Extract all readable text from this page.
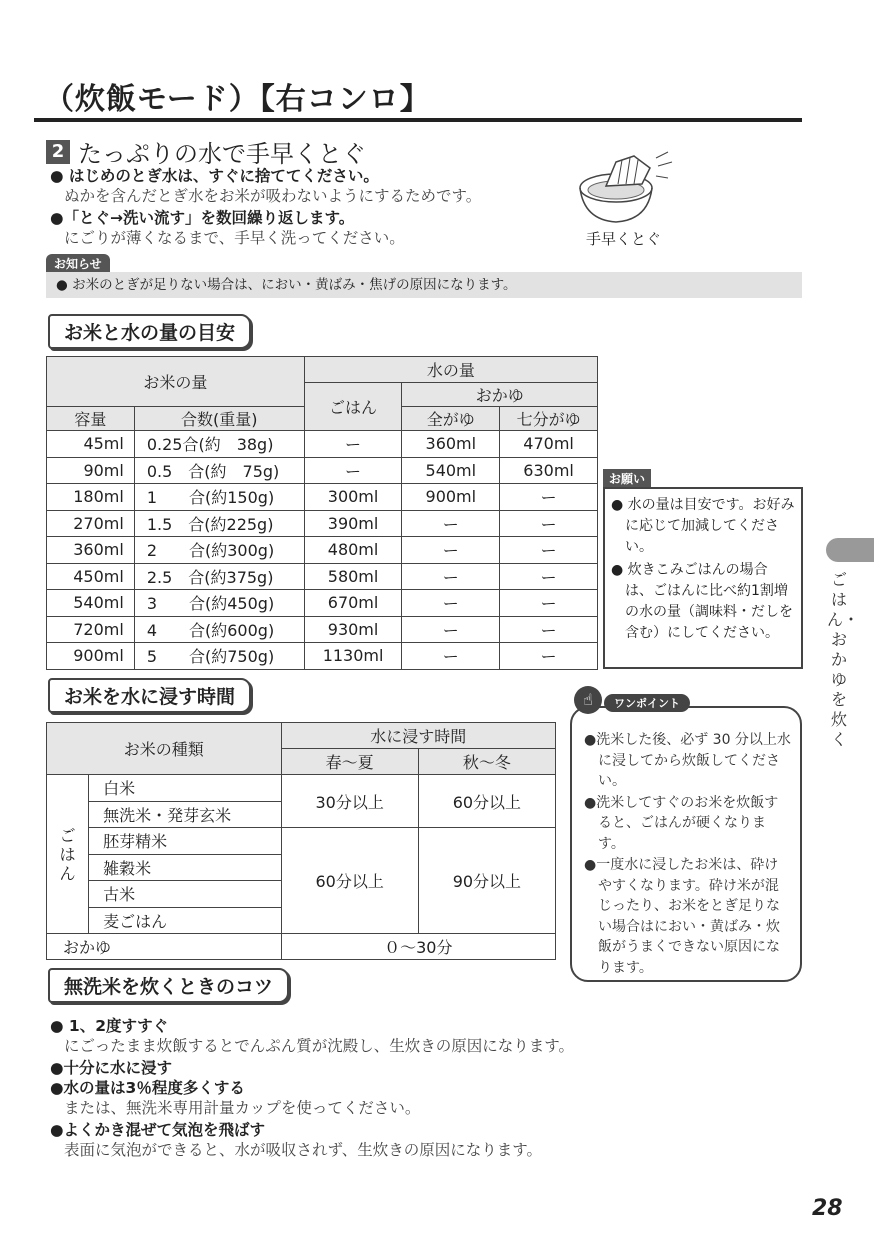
（炊飯モード）【右コンロ】
2 たっぷりの水で手早くとぐ
● はじめのとぎ水は、すぐに捨ててください。
ぬかを含んだとぎ水をお米が吸わないようにするためです。
●「とぐ→洗い流す」を数回繰り返します。
にごりが薄くなるまで、手早く洗ってください。	手早くとぐ
お知らせ
● お米のとぎが足りない場合は、におい・黄ばみ・焦げの原因になります。
お米と水の量の目安
お米の量		水の量		
		ごはん	おかゆ	
容量	合数(重量)		全がゆ	七分がゆ
45ml	0.25合(約　38g)	ー	360ml	470ml
90ml	0.5　合(約　75g)	ー	540ml	630ml
180ml	1　　合(約150g)	300ml	900ml	ー
270ml	1.5　合(約225g)	390ml	ー	ー
360ml	2　　合(約300g)	480ml	ー	ー
450ml	2.5　合(約375g)	580ml	ー	ー
540ml	3　　合(約450g)	670ml	ー	ー
720ml	4　　合(約600g)	930ml	ー	ー
900ml	5　　合(約750g)	1130ml	ー	ー
お願い

● 水の量は目安です。お好みに応じて加減してください。

● 炊きこみごはんの場合は、ごはんに比べ約1割増の水の量（調味料・だしを含む）にしてください。

お米を水に浸す時間
お米の種類		水に浸す時間	
		春〜夏	秋〜冬
ごはん	白米	30分以上	60分以上
	無洗米・発芽玄米		
	胚芽精米	60分以上	90分以上
	雑穀米		
	古米		
	麦ごはん		
おかゆ		０〜30分	

●洗米した後、必ず 30 分以上水に浸してから炊飯してください。

●洗米してすぐのお米を炊飯すると、ごはんが硬くなります。

●一度水に浸したお米は、砕けやすくなります。砕け米が混じったり、お米をとぎ足りない場合はにおい・黄ばみ・炊飯がうまくできない原因になります。

ワンポイント
☝
無洗米を炊くときのコツ
● 1、2度すすぐ
にごったまま炊飯するとでんぷん質が沈殿し、生炊きの原因になります。
●十分に水に浸す
●水の量は3％程度多くする
または、無洗米専用計量カップを使ってください。
●よくかき混ぜて気泡を飛ばす
表面に気泡ができると、水が吸収されず、生炊きの原因になります。
ごはん・おかゆを炊く
28
